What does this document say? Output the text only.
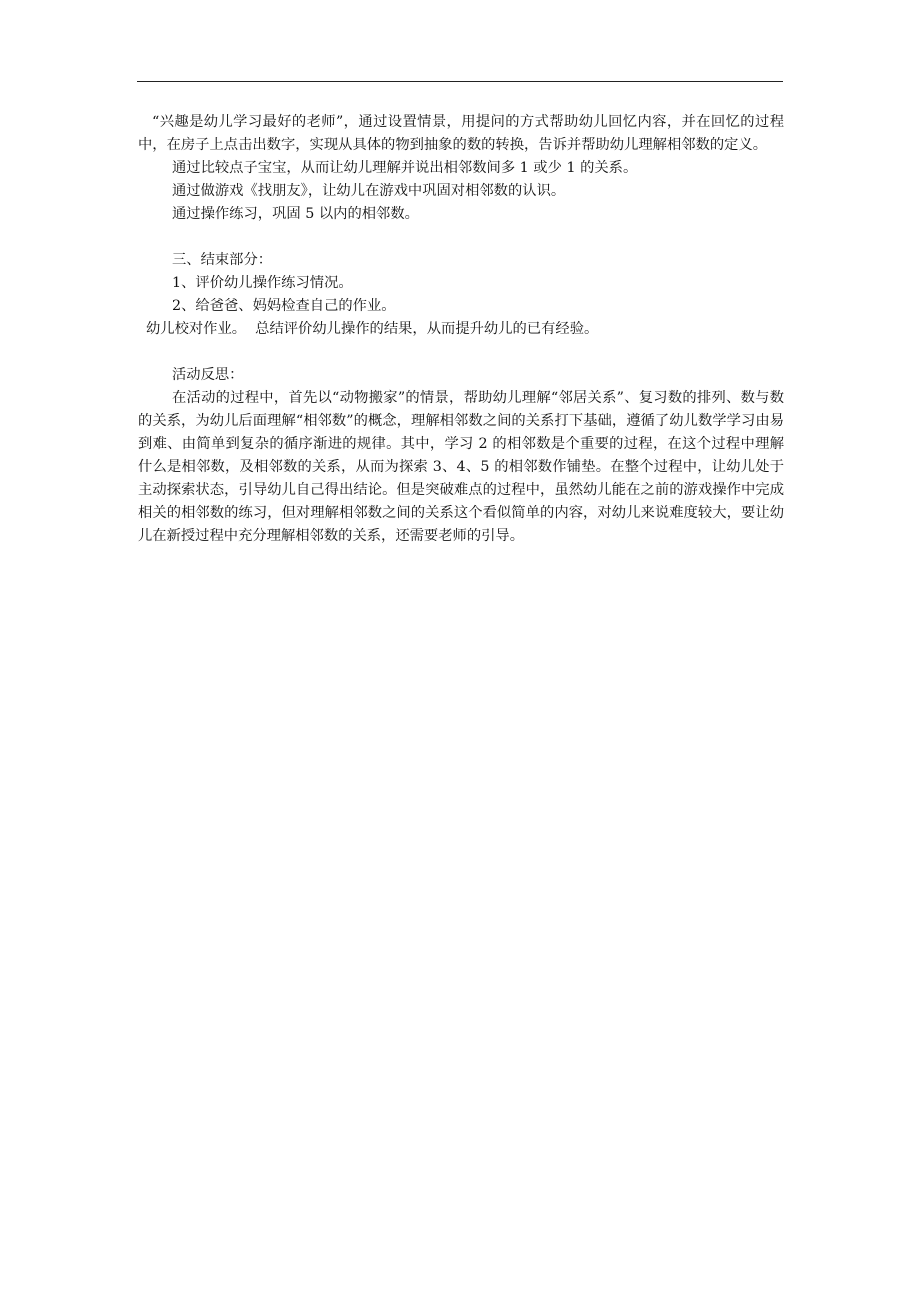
“兴趣是幼儿学习最好的老师”，通过设置情景，用提问的方式帮助幼儿回忆内容，并在回忆的过程中，在房子上点击出数字，实现从具体的物到抽象的数的转换，告诉并帮助幼儿理解相邻数的定义。

通过比较点子宝宝，从而让幼儿理解并说出相邻数间多 1 或少 1 的关系。

通过做游戏《找朋友》，让幼儿在游戏中巩固对相邻数的认识。

通过操作练习，巩固 5 以内的相邻数。

三、结束部分：

1、评价幼儿操作练习情况。

2、给爸爸、妈妈检查自己的作业。

幼儿校对作业。  总结评价幼儿操作的结果，从而提升幼儿的已有经验。

活动反思：

在活动的过程中，首先以“动物搬家”的情景，帮助幼儿理解“邻居关系”、复习数的排列、数与数的关系，为幼儿后面理解“相邻数”的概念，理解相邻数之间的关系打下基础，遵循了幼儿数学学习由易到难、由简单到复杂的循序渐进的规律。其中，学习 2 的相邻数是个重要的过程，在这个过程中理解什么是相邻数，及相邻数的关系，从而为探索 3、4、5 的相邻数作铺垫。在整个过程中，让幼儿处于主动探索状态，引导幼儿自己得出结论。但是突破难点的过程中，虽然幼儿能在之前的游戏操作中完成相关的相邻数的练习，但对理解相邻数之间的关系这个看似简单的内容，对幼儿来说难度较大，要让幼儿在新授过程中充分理解相邻数的关系，还需要老师的引导。
